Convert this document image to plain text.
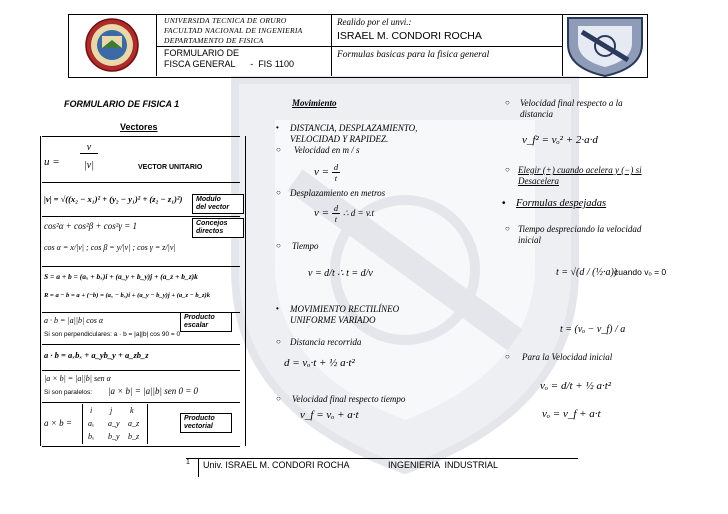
UNIVERSIDA TECNICA DE ORURO
FACULTAD NACIONAL DE INGENIERIA
DEPARTAMENTO DE FISICA
FORMULARIO DE
FISCA GENERAL      -  FIS 1100
Realido por el unvi.:
ISRAEL M. CONDORI ROCHA
Formulas basicas para la fisica general
FORMULARIO DE FISICA 1
Vectores
u =
v
|v|	VECTOR UNITARIO
|v| = √((x₂ − x₁)² + (y₂ − y₁)² + (z₂ − z₁)²)	Modulo
del vector
cos²α + cos²β + cos²γ = 1	Concejos
directos
cos α = x/|v| ; cos β = y/|v| ; cos γ = z/|v|
S = a + b = (aₓ + bₓ)i + (a_y + b_y)j + (a_z + b_z)k
R = a − b = a + (−b) = (aₓ − bₓ)i + (a_y − b_y)j + (a_z − b_z)k
a · b = |a||b| cos α
Si son perpendiculares: a · b = |a||b| cos 90 = 0
Producto
escalar
a · b = aₓbₓ + a_yb_y + a_zb_z
|a × b| = |a||b| sen α
Si son paralelos: |a × b| = |a||b| sen 0 = 0
a × b =
i j k
aₓ a_y a_z
bₓ b_y b_z
Producto
vectorial
Movimiento
• DISTANCIA, DESPLAZAMIENTO,
VELOCIDAD Y RAPIDEZ.
○ Velocidad en m / s
$v = \frac{d}{t}$
○ Desplazamiento en metros
$v = \frac{d}{t}$ ∴ d = v.t
○ Tiempo
v = d/t ∴ t = d/v
• MOVIMIENTO RECTILÍNEO
UNIFORME VARIADO
○ Distancia recorrida
d = vₒ·t + ½ a·t²
○ Velocidad final respecto tiempo
v_f = vₒ + a·t
○ Velocidad final respecto a la
distancia
v_f² = vₒ² + 2·a·d
○ Elegir (+) cuando acelera y (−) si
Desacelera
• Formulas despejadas
○ Tiempo despreciando la velocidad
inicial
t = √(d / (½·a))
cuando vₒ = 0
t = (vₒ − v_f) / a
○ Para la Velocidad inicial
vₒ = d/t + ½ a·t²
vₒ = v_f + a·t
1 Univ. ISRAEL M. CONDORI ROCHA	INGENIERIA  INDUSTRIAL
